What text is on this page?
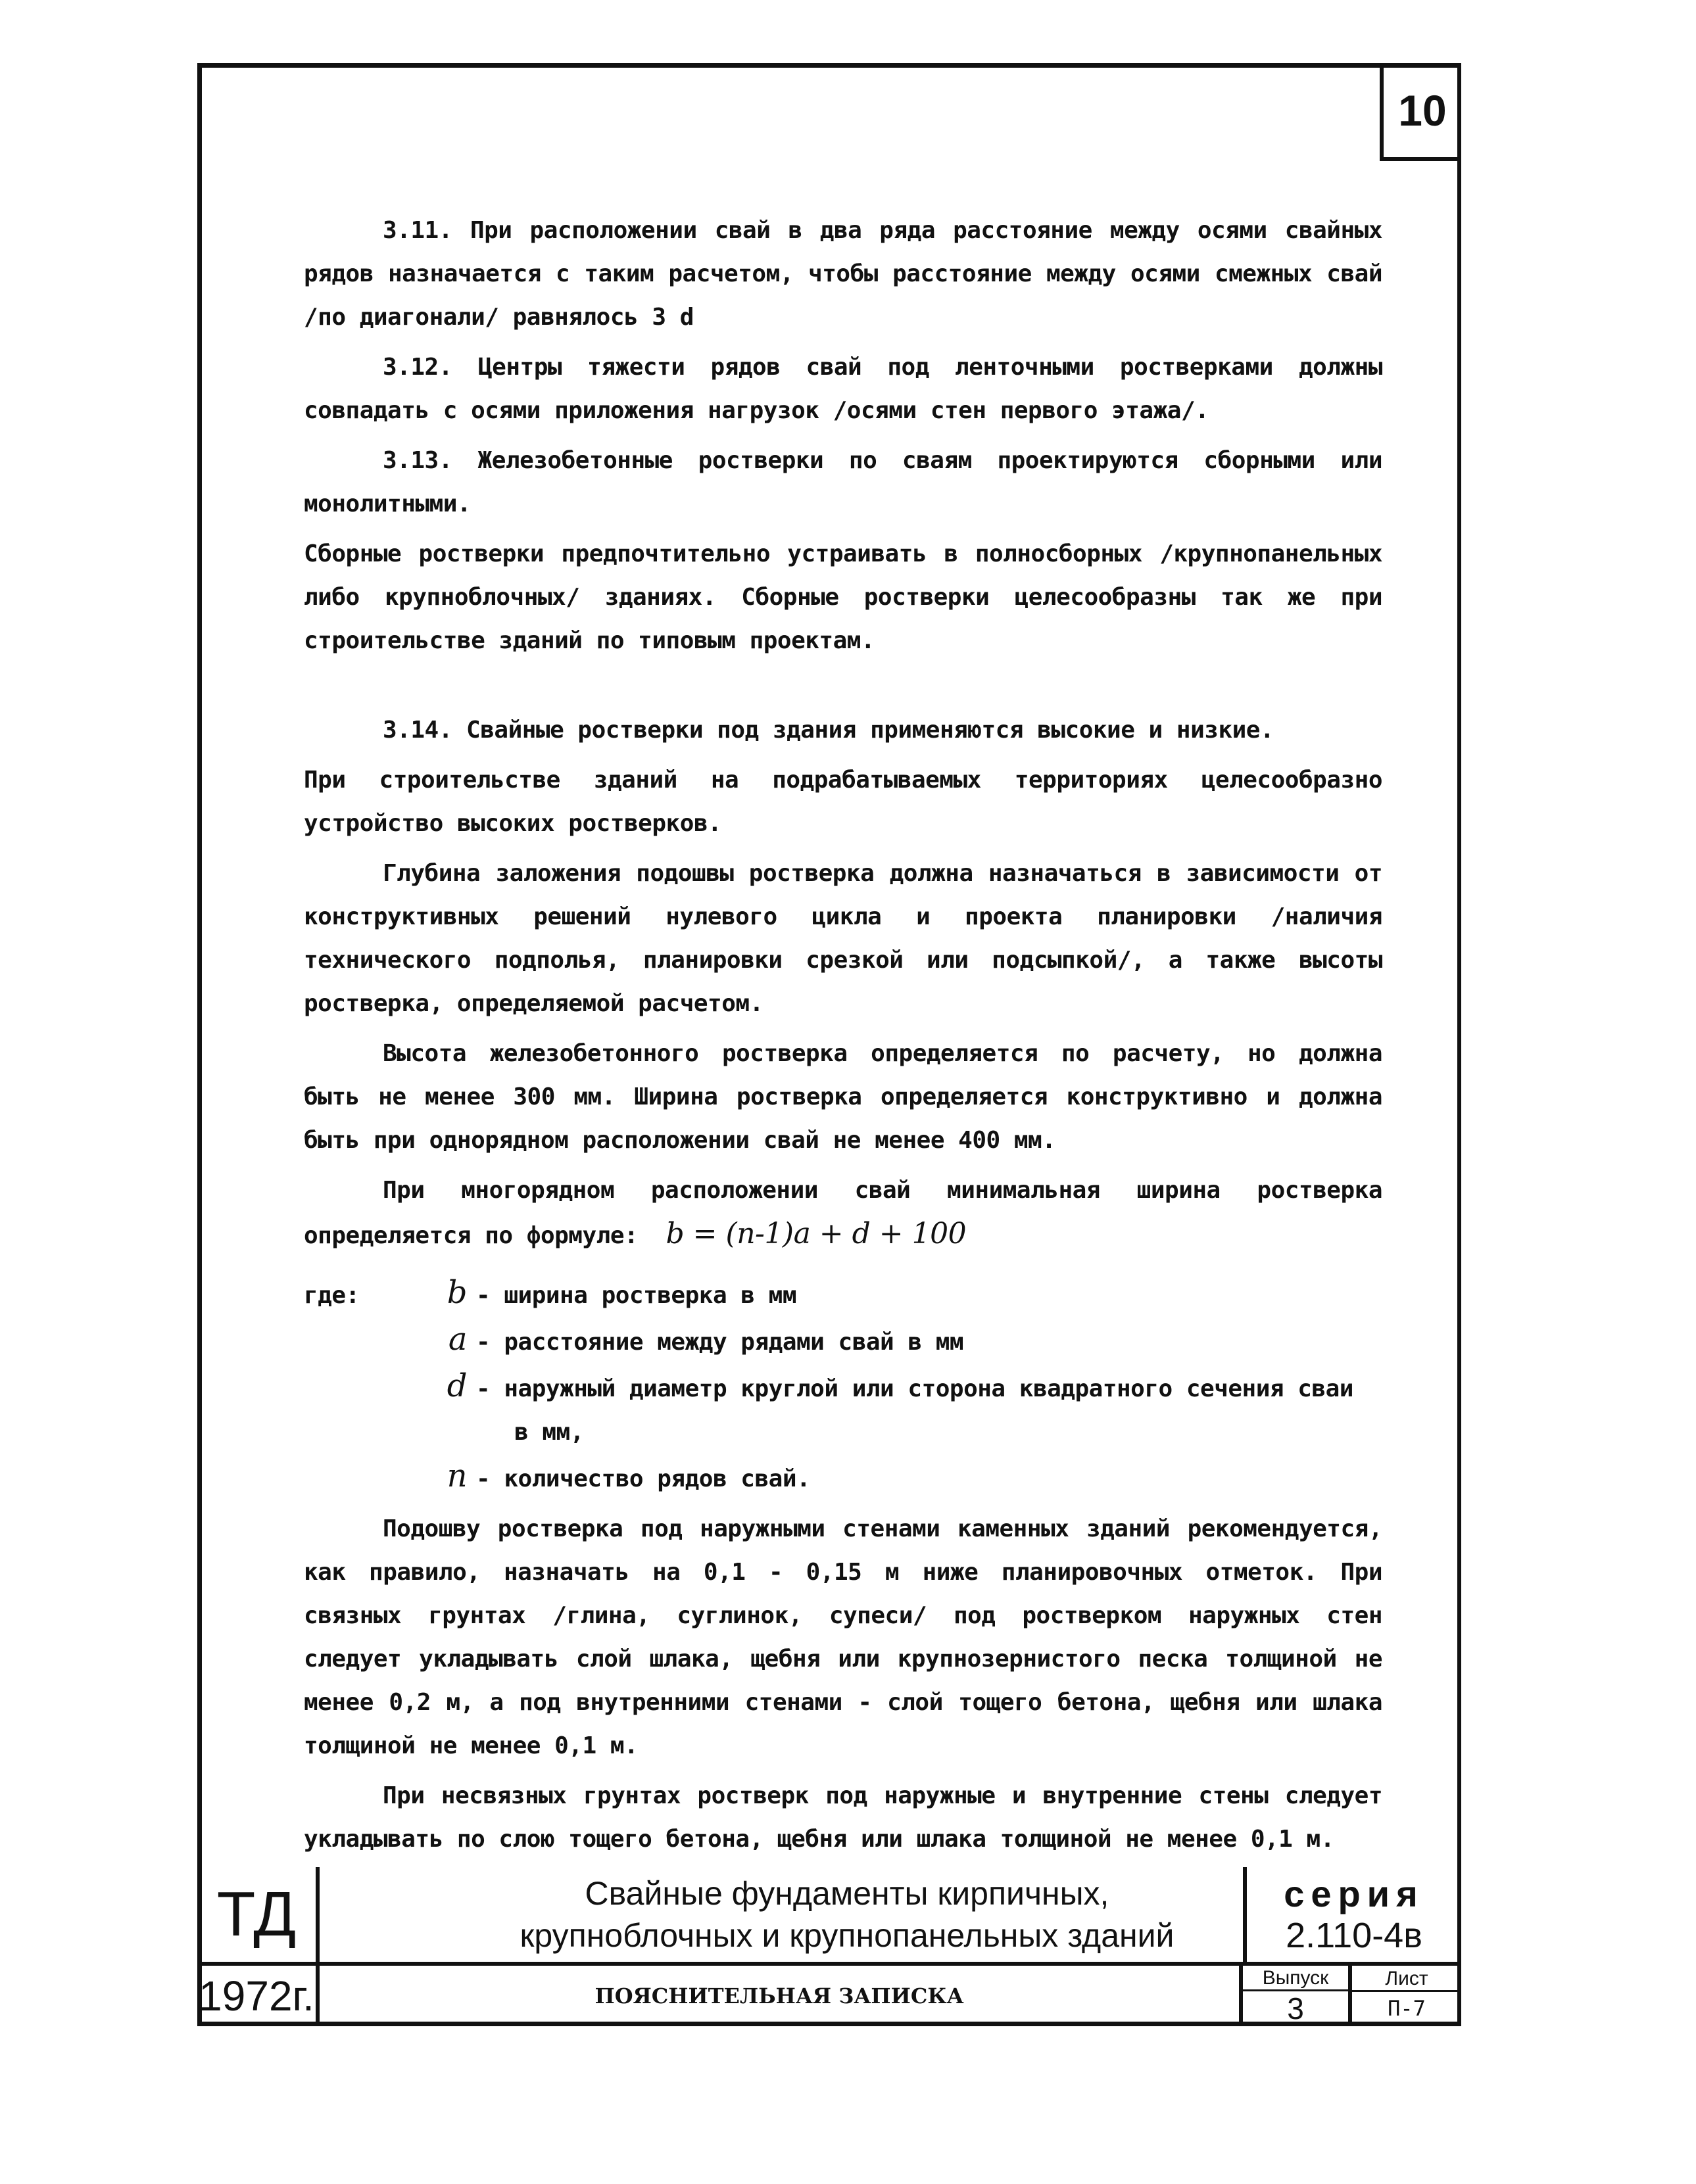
10

3.11. При расположении свай в два ряда расстояние между осями свайных рядов назначается с таким расчетом, чтобы расстояние между осями смежных свай /по диагонали/ равнялось 3 d

3.12. Центры тяжести рядов свай под ленточными ростверками должны совпадать с осями приложения нагрузок /осями стен первого этажа/.

3.13. Железобетонные ростверки по сваям проектируются сборными или монолитными.

Сборные ростверки предпочтительно устраивать в полносборных /крупнопанельных либо крупноблочных/ зданиях. Сборные ростверки целесообразны так же при строительстве зданий по типовым проектам.

3.14. Свайные ростверки под здания применяются высокие и низкие.

При строительстве зданий на подрабатываемых территориях целесообразно устройство высоких ростверков.

Глубина заложения подошвы ростверка должна назначаться в зависимости от конструктивных решений нулевого цикла и проекта планировки /наличия технического подполья, планировки срезкой или подсыпкой/, а также высоты ростверка, определяемой расчетом.

Высота железобетонного ростверка определяется по расчету, но должна быть не менее 300 мм. Ширина ростверка определяется конструктивно и должна быть при однорядном расположении свай не менее 400 мм.

При многорядном расположении свай минимальная ширина ростверка определяется по формуле: b = (n-1)a + d + 100

где:	b - ширина ростверка в мм
a - расстояние между рядами свай в мм
d - наружный диаметр круглой или сторона квадратного сечения сваи
в мм,
n - количество рядов свай.

Подошву ростверка под наружными стенами каменных зданий рекомендуется, как правило, назначать на 0,1 - 0,15 м ниже планировочных отметок. При связных грунтах /глина, суглинок, супеси/ под ростверком наружных стен следует укладывать слой шлака, щебня или крупнозернистого песка толщиной не менее 0,2 м, а под внутренними стенами - слой тощего бетона, щебня или шлака толщиной не менее 0,1 м.

При несвязных грунтах ростверк под наружные и внутренние стены следует укладывать по слою тощего бетона, щебня или шлака толщиной не менее 0,1 м.

ТД
1972г.
Свайные фундаменты кирпичных,
крупноблочных и крупнопанельных зданий
ПОЯСНИТЕЛЬНАЯ ЗАПИСКА
серия
2.110-4в
Выпуск
3
Лист
П-7
